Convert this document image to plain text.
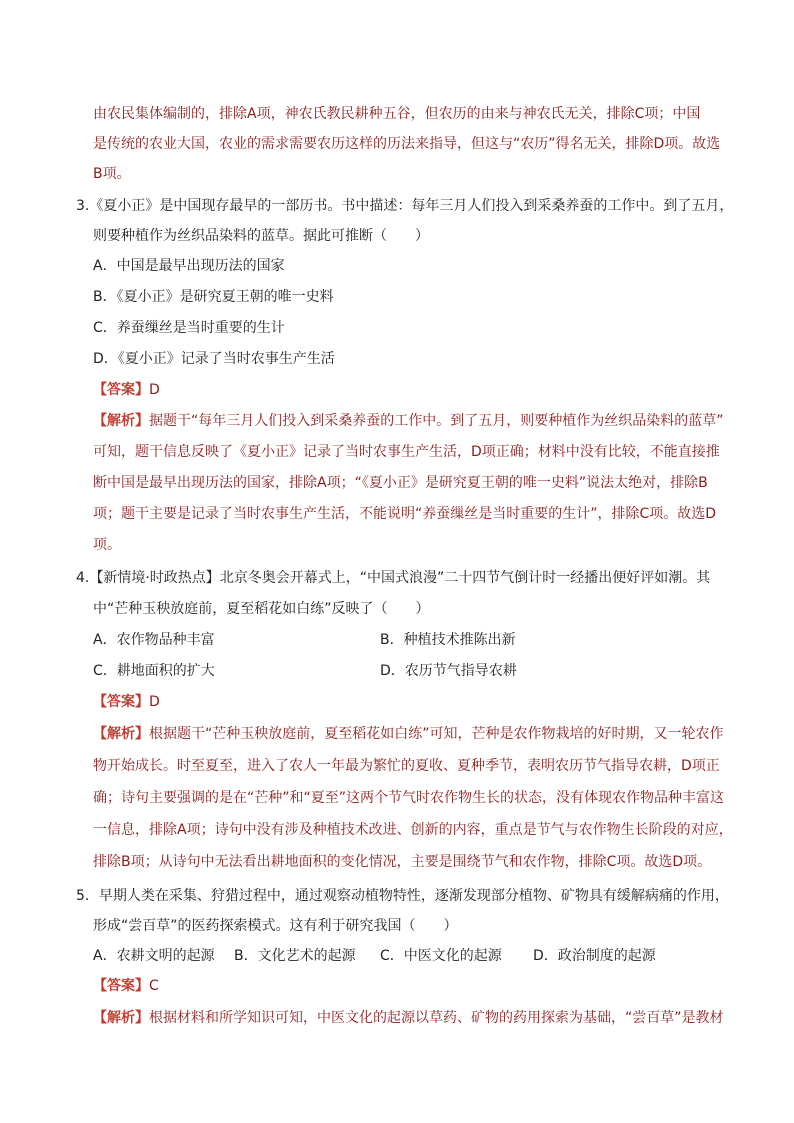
由农民集体编制的，排除A项，神农氏教民耕种五谷，但农历的由来与神农氏无关，排除C项；中国
是传统的农业大国，农业的需求需要农历这样的历法来指导，但这与“农历”得名无关，排除D项。故选
B项。
3.《夏小正》是中国现存最早的一部历书。书中描述：每年三月人们投入到采桑养蚕的工作中。到了五月，
则要种植作为丝织品染料的蓝草。据此可推断（　　）
A．中国是最早出现历法的国家
B．《夏小正》是研究夏王朝的唯一史料
C．养蚕缫丝是当时重要的生计
D．《夏小正》记录了当时农事生产生活
【答案】D
【解析】据题干“每年三月人们投入到采桑养蚕的工作中。到了五月，则要种植作为丝织品染料的蓝草”
可知，题干信息反映了《夏小正》记录了当时农事生产生活，D项正确；材料中没有比较，不能直接推
断中国是最早出现历法的国家，排除A项；“《夏小正》是研究夏王朝的唯一史料”说法太绝对，排除B
项；题干主要是记录了当时农事生产生活，不能说明“养蚕缫丝是当时重要的生计”，排除C项。故选D
项。
4.【新情境·时政热点】北京冬奥会开幕式上，“中国式浪漫”二十四节气倒计时一经播出便好评如潮。其
中“芒种玉秧放庭前，夏至稻花如白练”反映了（　　）
A．农作物品种丰富	B．种植技术推陈出新
C．耕地面积的扩大	D．农历节气指导农耕
【答案】D
【解析】根据题干“芒种玉秧放庭前，夏至稻花如白练”可知，芒种是农作物栽培的好时期，又一轮农作
物开始成长。时至夏至，进入了农人一年最为繁忙的夏收、夏种季节，表明农历节气指导农耕，D项正
确；诗句主要强调的是在“芒种”和“夏至”这两个节气时农作物生长的状态，没有体现农作物品种丰富这
一信息，排除A项；诗句中没有涉及种植技术改进、创新的内容，重点是节气与农作物生长阶段的对应，
排除B项；从诗句中无法看出耕地面积的变化情况，主要是围绕节气和农作物，排除C项。故选D项。
5．早期人类在采集、狩猎过程中，通过观察动植物特性，逐渐发现部分植物、矿物具有缓解病痛的作用，
形成“尝百草”的医药探索模式。这有利于研究我国（　　）
A．农耕文明的起源 B．文化艺术的起源 C．中医文化的起源 D．政治制度的起源
【答案】C
【解析】根据材料和所学知识可知，中医文化的起源以草药、矿物的药用探索为基础，“尝百草”是教材
